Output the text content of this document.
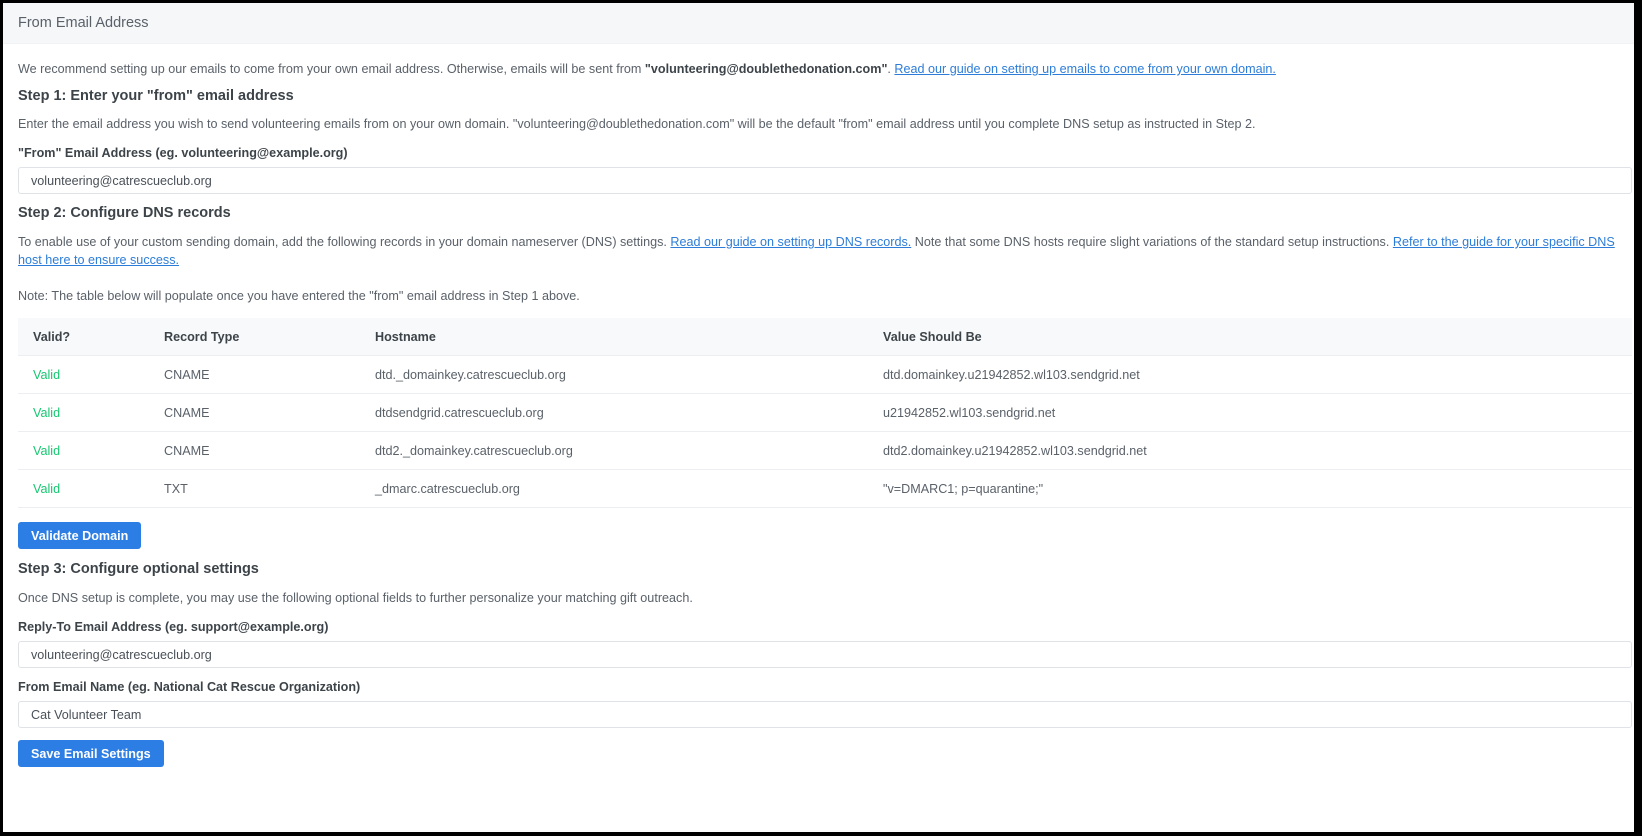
From Email Address
We recommend setting up our emails to come from your own email address. Otherwise, emails will be sent from "volunteering@doublethedonation.com". Read our guide on setting up emails to come from your own domain.
Step 1: Enter your "from" email address
Enter the email address you wish to send volunteering emails from on your own domain. "volunteering@doublethedonation.com" will be the default "from" email address until you complete DNS setup as instructed in Step 2.
"From" Email Address (eg. volunteering@example.org)
volunteering@catrescueclub.org
Step 2: Configure DNS records
To enable use of your custom sending domain, add the following records in your domain nameserver (DNS) settings. Read our guide on setting up DNS records. Note that some DNS hosts require slight variations of the standard setup instructions. Refer to the guide for your specific DNS host here to ensure success.
Note: The table below will populate once you have entered the "from" email address in Step 1 above.
Valid?	Record Type	Hostname	Value Should Be
Valid	CNAME	dtd._domainkey.catrescueclub.org	dtd.domainkey.u21942852.wl103.sendgrid.net
Valid	CNAME	dtdsendgrid.catrescueclub.org	u21942852.wl103.sendgrid.net
Valid	CNAME	dtd2._domainkey.catrescueclub.org	dtd2.domainkey.u21942852.wl103.sendgrid.net
Valid	TXT	_dmarc.catrescueclub.org	"v=DMARC1; p=quarantine;"
Validate Domain
Step 3: Configure optional settings
Once DNS setup is complete, you may use the following optional fields to further personalize your matching gift outreach.
Reply-To Email Address (eg. support@example.org)
volunteering@catrescueclub.org
From Email Name (eg. National Cat Rescue Organization)
Cat Volunteer Team
Save Email Settings
